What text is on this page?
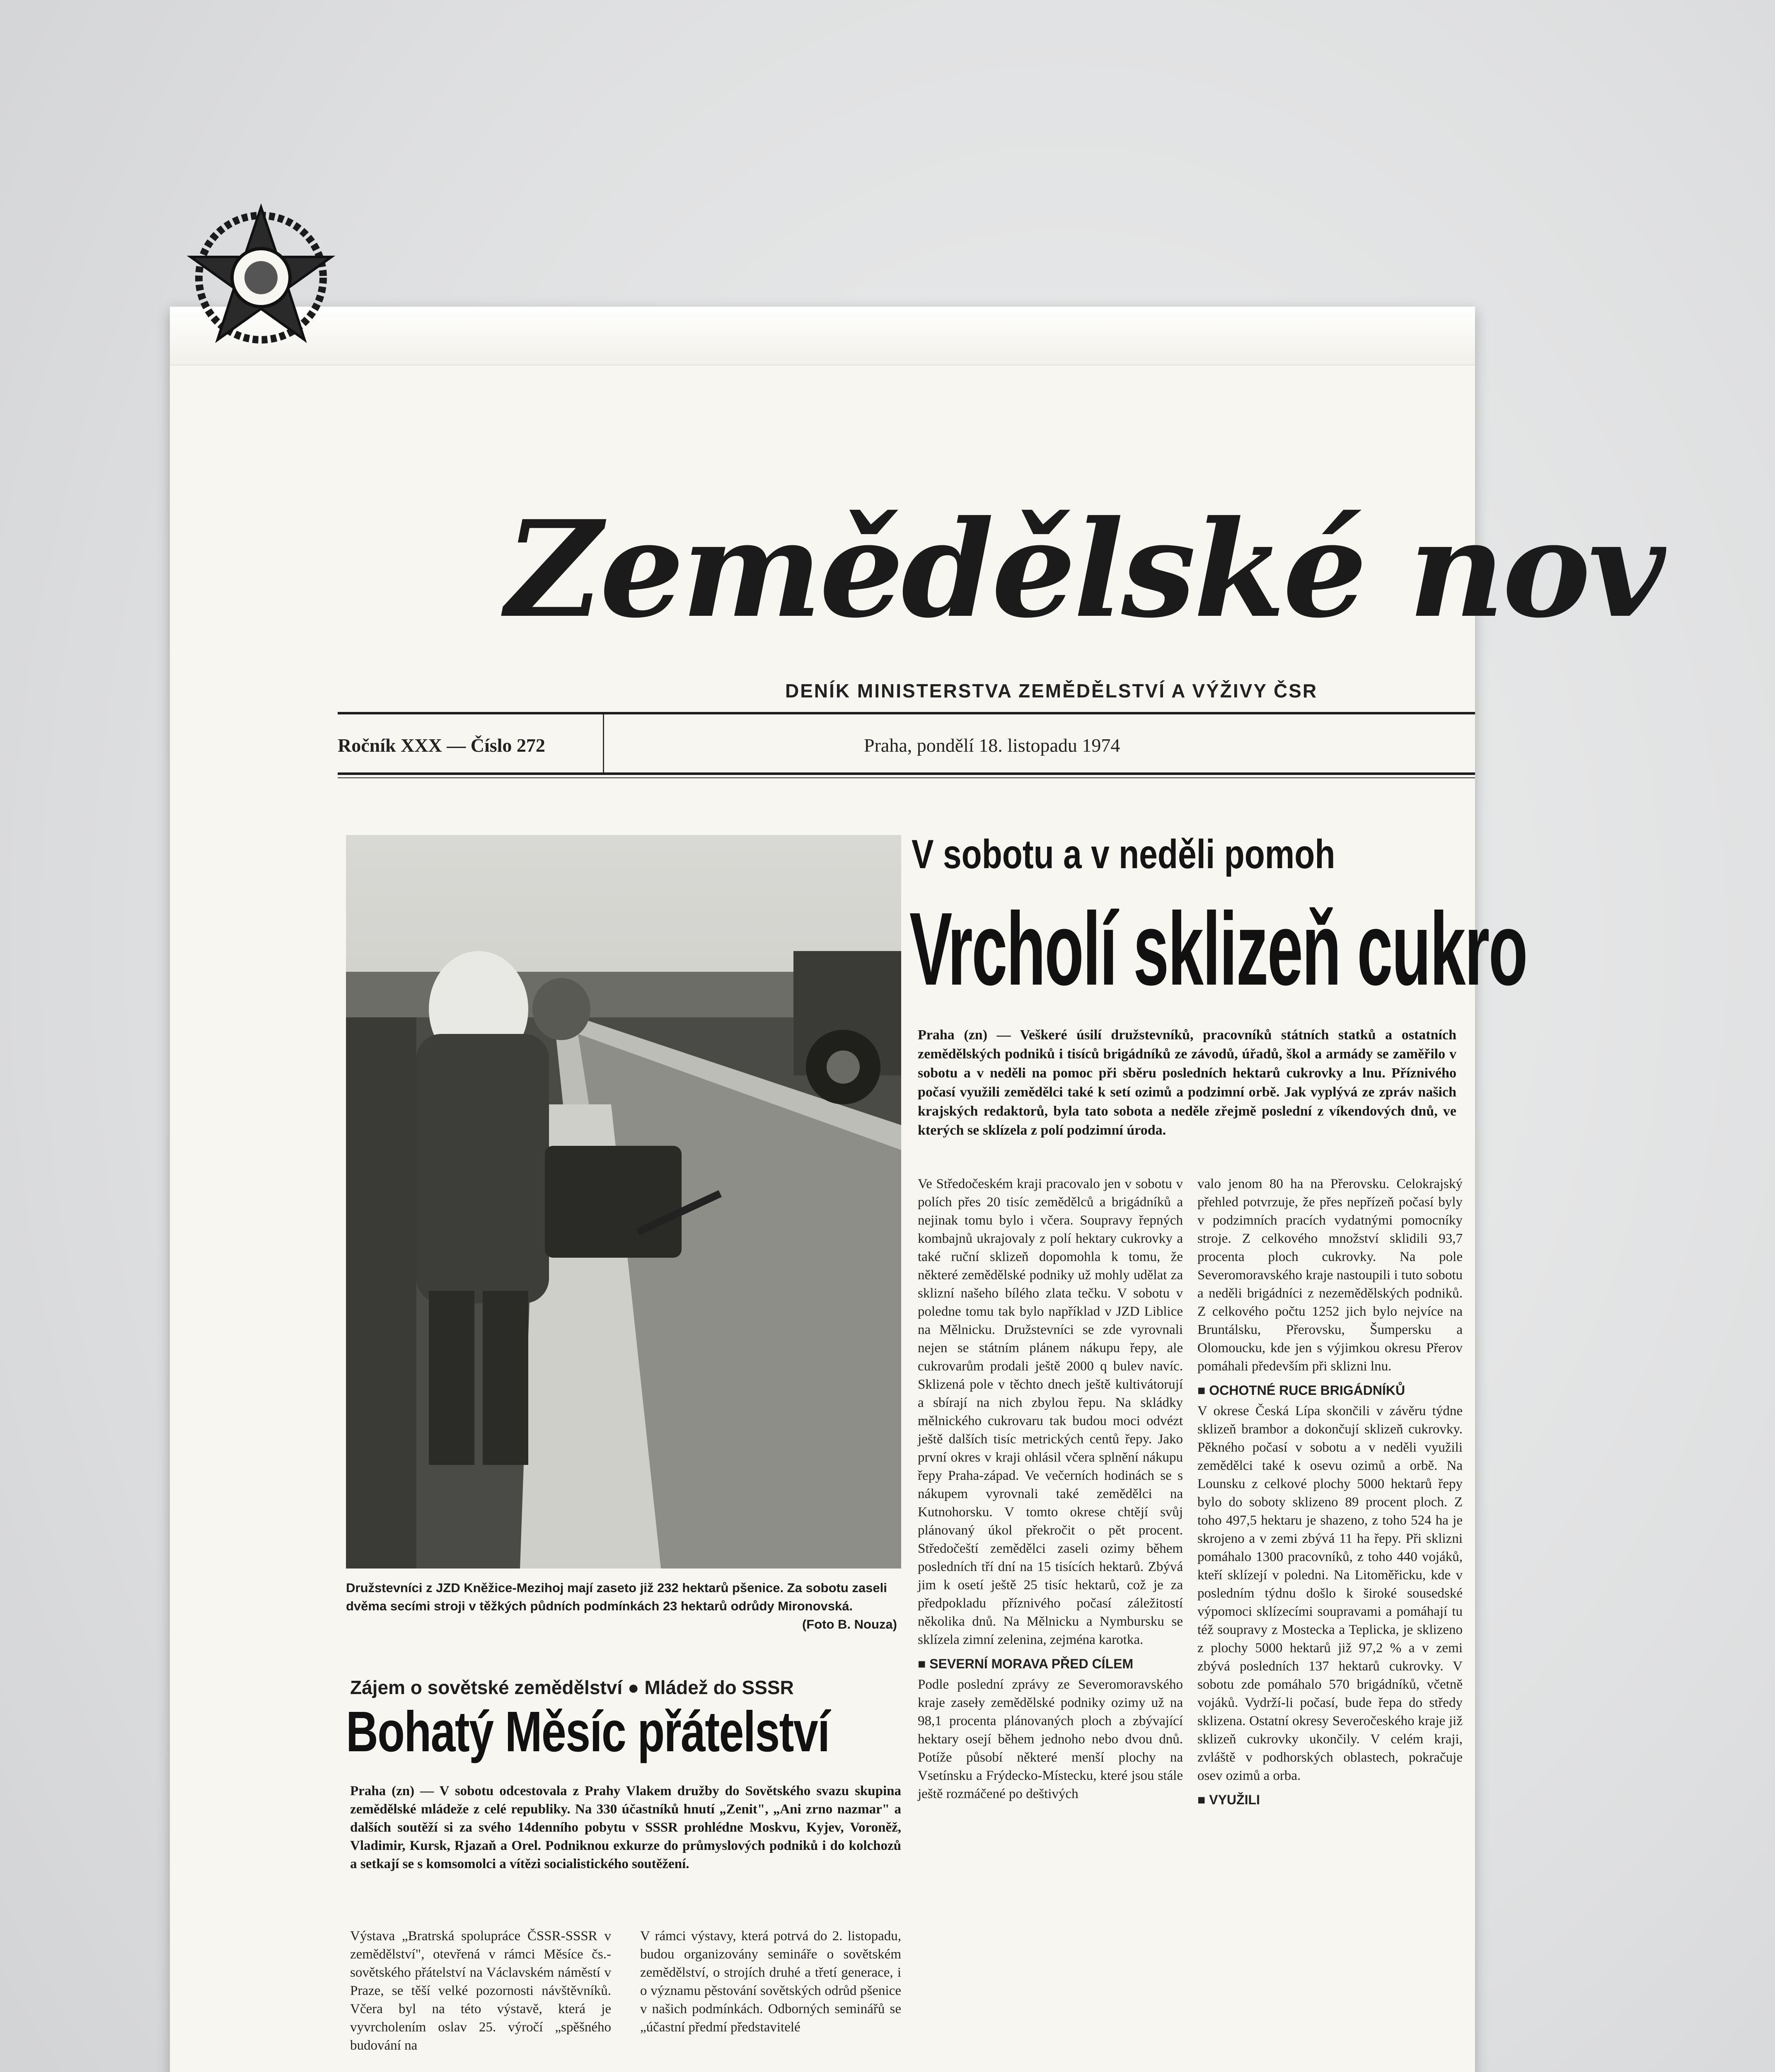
Zemědělské nov
DENÍK MINISTERSTVA ZEMĚDĚLSTVÍ A VÝŽIVY ČSR
Ročník XXX — Číslo 272	Praha, pondělí 18. listopadu 1974
Družstevníci z JZD Kněžice-Mezihoj mají zaseto již 232 hektarů pšenice. Za sobotu zaseli dvěma secími stroji v těžkých půdních podmínkách 23 hektarů odrůdy Mironovská.
(Foto B. Nouza)
Zájem o sovětské zemědělství ● Mládež do SSSR
Bohatý Měsíc přátelství
Praha (zn) — V sobotu odcestovala z Prahy Vlakem družby do Sovětského svazu skupina zemědělské mládeže z celé republiky. Na 330 účastníků hnutí „Zenit", „Ani zrno nazmar" a dalších soutěží si za svého 14denního pobytu v SSSR prohlédne Moskvu, Kyjev, Voroněž, Vladimir, Kursk, Rjazaň a Orel. Podniknou exkurze do průmyslových podniků i do kolchozů a setkají se s komsomolci a vítězi socialistického soutěžení.
Výstava „Bratrská spolupráce ČSSR-SSSR v zemědělství", otevřená v rámci Měsíce čs.-sovětského přátelství na Václavském náměstí v Praze, se těší velké pozornosti návštěvníků. Včera byl na této výstavě, která je vyvrcholením oslav 25. výročí „spěšného budování na
V rámci výstavy, která potrvá do 2. listopadu, budou organizovány semináře o sovětském zemědělství, o strojích druhé a třetí generace, i o významu pěstování sovětských odrůd pšenice v našich podmínkách. Odborných seminářů se „účastní předmí představitelé
V sobotu a v neděli pomoh
Vrcholí sklizeň cukro
Praha (zn) — Veškeré úsilí družstevníků, pracovníků státních statků a ostatních zemědělských podniků i tisíců brigádníků ze závodů, úřadů, škol a armády se zaměřilo v sobotu a v neděli na pomoc při sběru posledních hektarů cukrovky a lnu. Příznivého počasí využili zemědělci také k setí ozimů a podzimní orbě. Jak vyplývá ze zpráv našich krajských redaktorů, byla tato sobota a neděle zřejmě poslední z víkendových dnů, ve kterých se sklízela z polí podzimní úroda.
Ve Středočeském kraji pracovalo jen v sobotu v polích přes 20 tisíc zemědělců a brigádníků a nejinak tomu bylo i včera. Soupravy řepných kombajnů ukrajovaly z polí hektary cukrovky a také ruční sklizeň dopomohla k tomu, že některé zemědělské podniky už mohly udělat za sklizní našeho bílého zlata tečku. V sobotu v poledne tomu tak bylo například v JZD Liblice na Mělnicku. Družstevníci se zde vyrovnali nejen se státním plánem nákupu řepy, ale cukrovarům prodali ještě 2000 q bulev navíc. Sklizená pole v těchto dnech ještě kultivátorují a sbírají na nich zbylou řepu. Na skládky mělnického cukrovaru tak budou moci odvézt ještě dalších tisíc metrických centů řepy. Jako první okres v kraji ohlásil včera splnění nákupu řepy Praha-západ. Ve večerních hodinách se s nákupem vyrovnali také zemědělci na Kutnohorsku. V tomto okrese chtějí svůj plánovaný úkol překročit o pět procent. Středočeští zemědělci zaseli ozimy během posledních tří dní na 15 tisících hektarů. Zbývá jim k osetí ještě 25 tisíc hektarů, což je za předpokladu příznivého počasí záležitostí několika dnů. Na Mělnicku a Nymbursku se sklízela zimní zelenina, zejména karotka.
■ SEVERNÍ MORAVA PŘED CÍLEM
Podle poslední zprávy ze Severomoravského kraje zaseły zemědělské podniky ozimy už na 98,1 procenta plánovaných ploch a zbývající hektary osejí během jednoho nebo dvou dnů. Potíže působí některé menší plochy na Vsetínsku a Frýdecko-Místecku, které jsou stále ještě rozmáčené po deštivých
valo jenom 80 ha na Přerovsku. Celokrajský přehled potvrzuje, že přes nepřízeň počasí byly v podzimních pracích vydatnými pomocníky stroje. Z celkového množství sklidili 93,7 procenta ploch cukrovky. Na pole Severomoravského kraje nastoupili i tuto sobotu a neděli brigádníci z nezemědělských podniků. Z celkového počtu 1252 jich bylo nejvíce na Bruntálsku, Přerovsku, Šumpersku a Olomoucku, kde jen s výjimkou okresu Přerov pomáhali především při sklizni lnu.
■ OCHOTNÉ RUCE BRIGÁDNÍKŮ
V okrese Česká Lípa skončili v závěru týdne sklizeň brambor a dokončují sklizeň cukrovky. Pěkného počasí v sobotu a v neděli využili zemědělci také k osevu ozimů a orbě. Na Lounsku z celkové plochy 5000 hektarů řepy bylo do soboty sklizeno 89 procent ploch. Z toho 497,5 hektaru je shazeno, z toho 524 ha je skrojeno a v zemi zbývá 11 ha řepy. Při sklizni pomáhalo 1300 pracovníků, z toho 440 vojáků, kteří sklízejí v poledni. Na Litoměřicku, kde v posledním týdnu došlo k široké sousedské výpomoci sklízecími soupravami a pomáhají tu též soupravy z Mostecka a Teplicka, je sklizeno z plochy 5000 hektarů již 97,2 % a v zemi zbývá posledních 137 hektarů cukrovky. V sobotu zde pomáhalo 570 brigádníků, včetně vojáků. Vydrží-li počasí, bude řepa do středy sklizena. Ostatní okresy Severočeského kraje již sklizeň cukrovky ukončily. V celém kraji, zvláště v podhorských oblastech, pokračuje osev ozimů a orba.
■ VYUŽILI
